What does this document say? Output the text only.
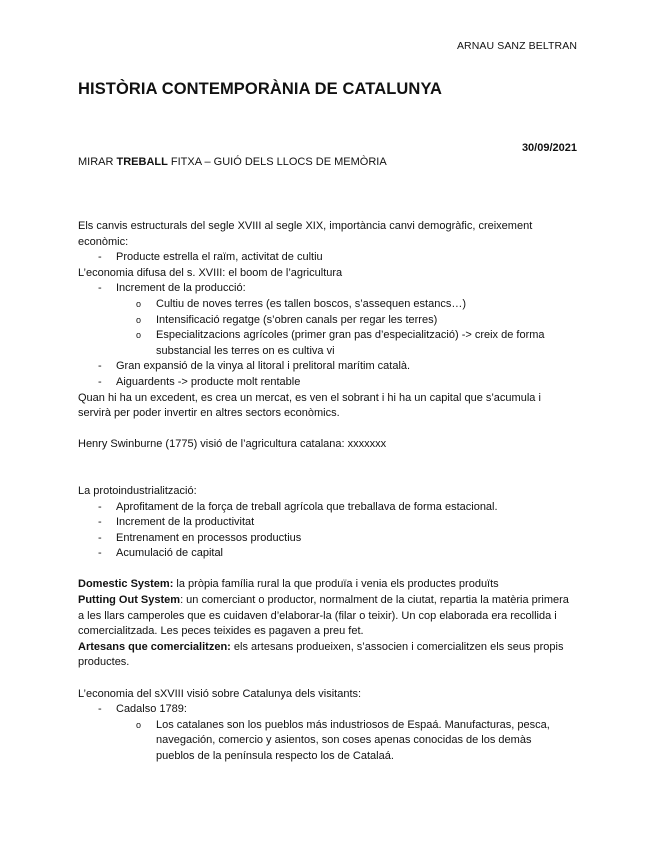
ARNAU SANZ BELTRAN
HISTÒRIA CONTEMPORÀNIA DE CATALUNYA
30/09/2021
MIRAR TREBALL FITXA – GUIÓ DELS LLOCS DE MEMÒRIA

Els canvis estructurals del segle XVIII al segle XIX, importància canvi demogràfic, creixement econòmic:

- Producte estrella el raïm, activitat de cultiu

L’economia difusa del s. XVIII: el boom de l’agricultura

- Increment de la producció:
o Cultiu de noves terres (es tallen boscos, s’assequen estancs…)
o Intensificació regatge (s’obren canals per regar les terres)
o Especialitzacions agrícoles (primer gran pas d’especialització) -> creix de forma substancial les terres on es cultiva vi
- Gran expansió de la vinya al litoral i prelitoral marítim català.
- Aiguardents -> producte molt rentable

Quan hi ha un excedent, es crea un mercat, es ven el sobrant i hi ha un capital que s’acumula i servirà per poder invertir en altres sectors econòmics.

Henry Swinburne (1775) visió de l’agricultura catalana: xxxxxxx

La protoindustrialització:

- Aprofitament de la força de treball agrícola que treballava de forma estacional.
- Increment de la productivitat
- Entrenament en processos productius
- Acumulació de capital

Domestic System: la pròpia família rural la que produïa i venia els productes produïts

Putting Out System: un comerciant o productor, normalment de la ciutat, repartia la matèria primera a les llars camperoles que es cuidaven d’elaborar-la (filar o teixir). Un cop elaborada era recollida i comercialitzada. Les peces teixides es pagaven a preu fet.

Artesans que comercialitzen: els artesans produeixen, s’associen i comercialitzen els seus propis productes.

L’economia del sXVIII visió sobre Catalunya dels visitants:

- Cadalso 1789:
o Los catalanes son los pueblos más industriosos de Espaá. Manufacturas, pesca, navegación, comercio y asientos, son coses apenas conocidas de los demàs pueblos de la península respecto los de Catalaá.
